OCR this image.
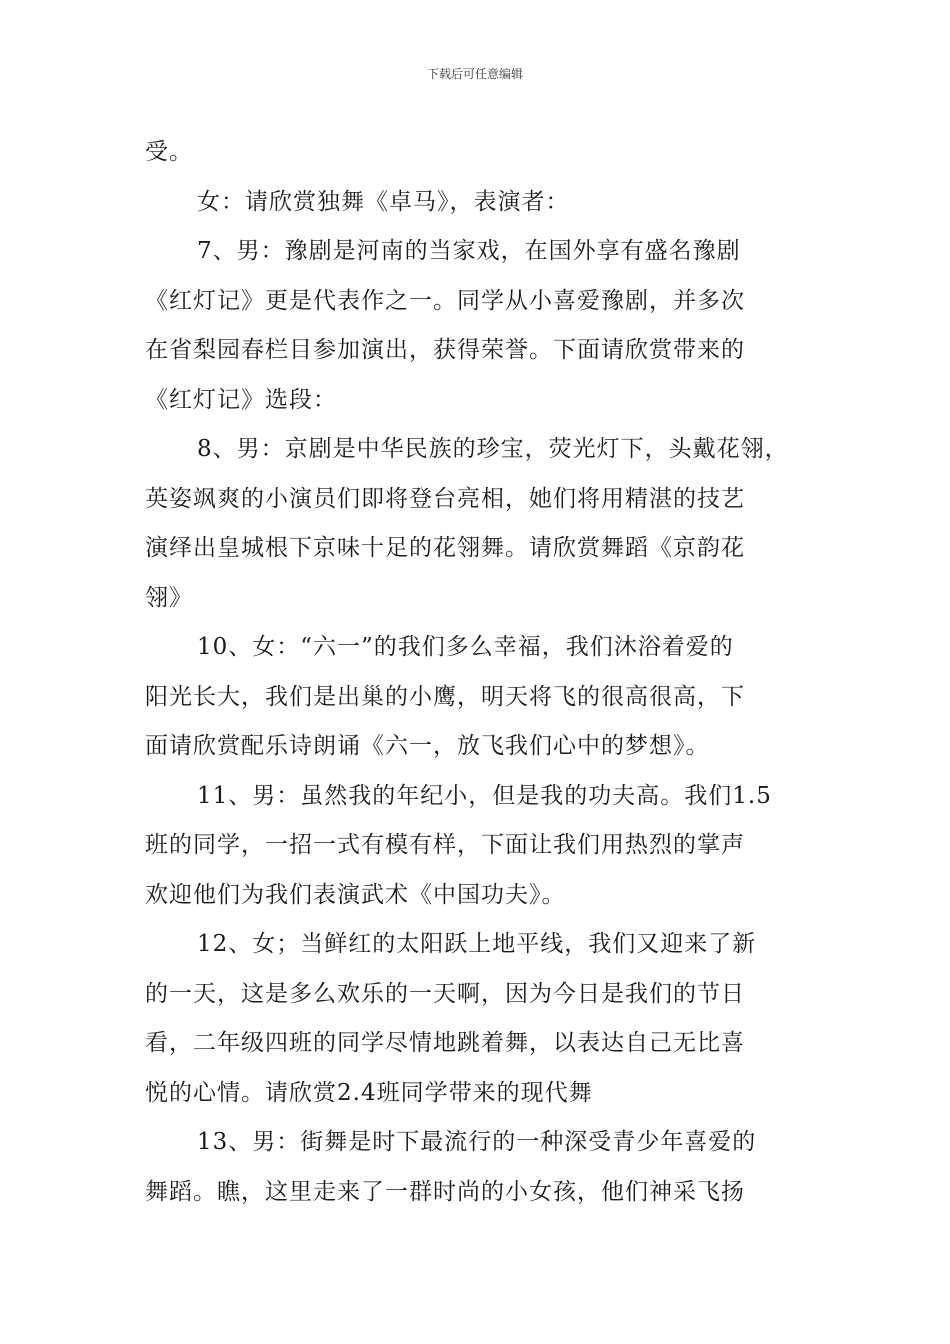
下载后可任意编辑

受。

女：请欣赏独舞《卓马》，表演者：

7、男：豫剧是河南的当家戏，在国外享有盛名豫剧
《红灯记》更是代表作之一。同学从小喜爱豫剧，并多次
在省梨园春栏目参加演出，获得荣誉。下面请欣赏带来的
《红灯记》选段：

8、男：京剧是中华民族的珍宝，荧光灯下，头戴花翎，
英姿飒爽的小演员们即将登台亮相，她们将用精湛的技艺
演绎出皇城根下京味十足的花翎舞。请欣赏舞蹈《京韵花
翎》

10、女：“六一”的我们多么幸福，我们沐浴着爱的
阳光长大，我们是出巢的小鹰，明天将飞的很高很高，下
面请欣赏配乐诗朗诵《六一，放飞我们心中的梦想》。

11、男：虽然我的年纪小，但是我的功夫高。我们1.5
班的同学，一招一式有模有样，下面让我们用热烈的掌声
欢迎他们为我们表演武术《中国功夫》。

12、女；当鲜红的太阳跃上地平线，我们又迎来了新
的一天，这是多么欢乐的一天啊，因为今日是我们的节日
看，二年级四班的同学尽情地跳着舞，以表达自己无比喜
悦的心情。请欣赏2.4班同学带来的现代舞

13、男：街舞是时下最流行的一种深受青少年喜爱的
舞蹈。瞧，这里走来了一群时尚的小女孩，他们神采飞扬
